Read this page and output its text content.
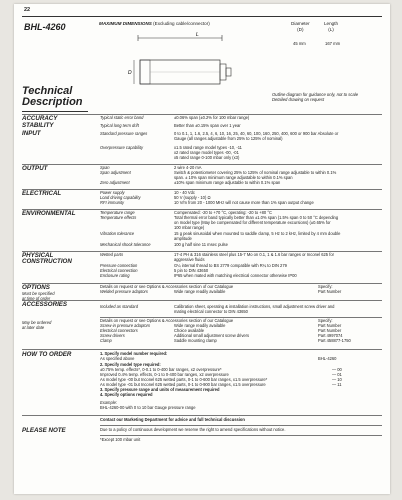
22
BHL-4260	MAXIMUM DIMENSIONS (Excluding cable/connector)	Diameter
(D)
Length
(L)
45 mm	167 mm
L
D
Outline diagram for guidance only, not to scale
Detailed drawing on request
Technical
Description
ACCURACY	Typical static error band	±0.06% span (±0.2% for 100 mbar range)
STABILITY	Typical long term drift	Better than ±0.15% span over 1 year
INPUT	Standard pressure ranges	0 to 0.1, 1, 1.6, 2.5, 4, 6, 10, 16, 25, 40, 60, 100, 160, 250, 400, 600 or 900 bar Absolute or
Gauge (all ranges adjustable from 25% to 125% of nominal)
Overpressure capability	x1.5 rated range model types -10, -11
x2 rated range model types -00, -01
x5 rated range 0-100 mbar only (x3)
OUTPUT	Span	2 wire 4-20 mA
Span adjustment	Switch & potentiometer covering 25% to 125% of nominal range adjustable to within 0.1%
span. ± 10% span minimum range adjustable to within 0.1% span
Zero adjustment	±10% span minimum range adjustable to within 0.1% span
ELECTRICAL	Power supply	10 - 40 Vdc
Load driving capability	50 V (supply - 10) Ω
RFI immunity	10 V/m from 20 - 1000 MHz will not cause more than 1% span output change
ENVIRONMENTAL	Temperature range	Compensated: -20 to +70 °C, operating: -20 to +80 °C
Temperature effects	Total thermal error band typically better than ±1.0% span (1.5% span 0 to 50 °C depending
on model type (May be compensated for different temperature excursions) (±0.65% for
100 mbar range)
Vibration tolerance	15 g peak sinusoidal when mounted to saddle clamp, 5 Hz to 2 kHz, limited by 4 mm double
amplitude
Mechanical shock tolerance	100 g half sine 11 msec pulse
PHYSICAL
CONSTRUCTION
Wetted parts	17-4 PH & 316 stainless steel plus 15-7 Mo on 0.1, 1 & 1.6 bar ranges or Inconel 625 for
aggressive fluids
Pressure connection	G¼ internal thread to BS 2779 compatible with R¼ to DIN 279
Electrical connection	5 pin to DIN 43650
Enclosure rating	IP65 when mated with matching electrical connector otherwise IP00
OPTIONS
Must be specified
at time of order
Details on request or see Options & Accessories section of our Catalogue	Specify:
Welded pressure adaptors	Wide range readily available	Part Number
ACCESSORIES	Included as standard	Calibration sheet, operating & installation instructions, small adjustment screw driver and
mating electrical connector to DIN 43650
May be ordered
at later date
Details on request or see Options & Accessories section of our Catalogue	Specify:
Screw-in pressure adaptors	Wide range readily available	Part Number
Electrical connectors	Choice available	Part Number
Screw drivers	Additional small adjustment screw drivers	Part 4997074
Clamp	Saddle mounting clamp	Part 458877-1750
HOW TO ORDER	1. Specify model number required:
As specified above	BHL-4260
2. Specify model type required:
±0.75% temp. effects*, 0-0.1 to 0-400 bar ranges, x2 overpressure*	— 00
Improved 0.4% temp. effects, 0-1 to 0-400 bar ranges, x2 overpressure	— 01
As model type -00 but Inconel 625 wetted parts, 0-1 to 0-600 bar ranges, x1.5 overpressure*	— 10
As model type -01 but Inconel 625 wetted parts, 0-1 to 0-900 bar ranges, x1.5 overpressure	— 11
3. Specify pressure range and units of measurement required
4. Specify options required
Example:
BHL-4260-00 with 0 to 10 bar Gauge pressure range
PLEASE NOTE
Contact our Marketing Department for advice and full technical discussion
Due to a policy of continuous development we reserve the right to amend specifications without notice.
*Except 100 mbar unit
